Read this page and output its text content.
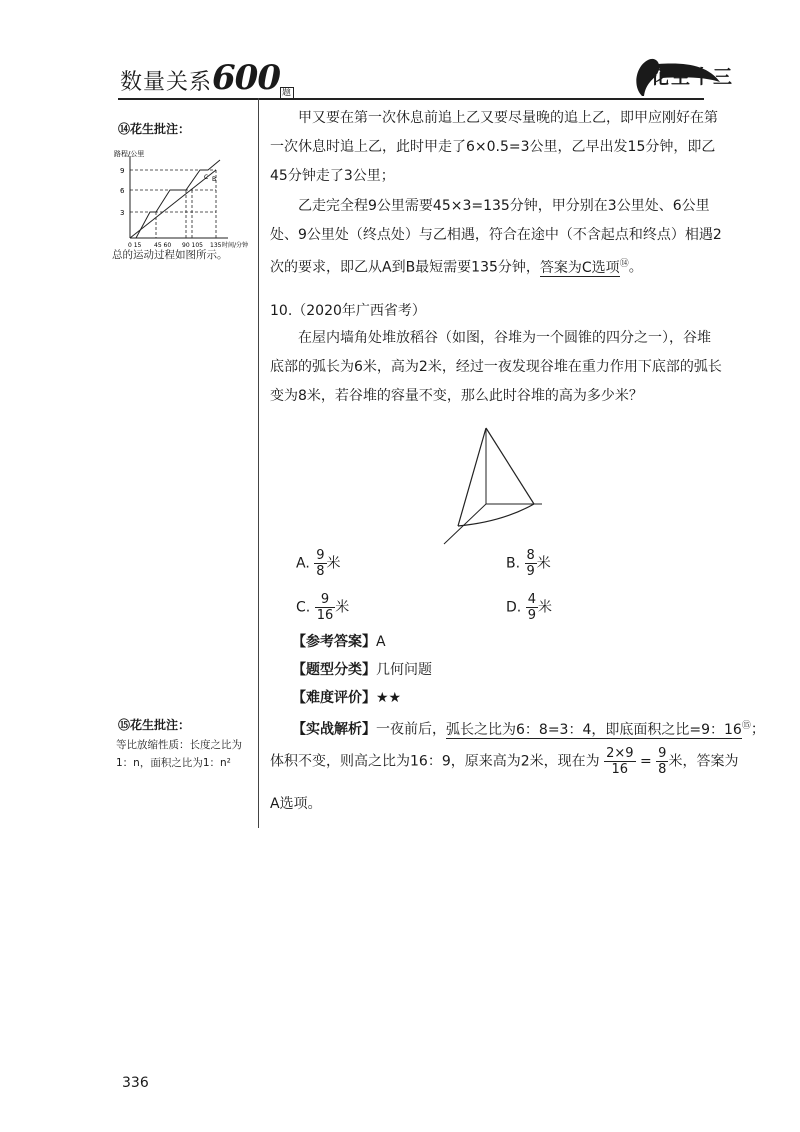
数量关系600 题
花生十三
⑭花生批注：
路程/公里
9
6
3
C B
0 15 45 60 90 105 135 时间/分钟
总的运动过程如图所示。
⑮花生批注：
等比放缩性质：长度之比为1：n，面积之比为1：n²
甲又要在第一次休息前追上乙又要尽量晚的追上乙，即甲应刚好在第一次休息时追上乙，此时甲走了6×0.5=3公里，乙早出发15分钟，即乙45分钟走了3公里；
乙走完全程9公里需要45×3=135分钟，甲分别在3公里处、6公里处、9公里处（终点处）与乙相遇，符合在途中（不含起点和终点）相遇2次的要求，即乙从A到B最短需要135分钟，答案为C选项⑭。
10.（2020年广西省考）
在屋内墙角处堆放稻谷（如图，谷堆为一个圆锥的四分之一），谷堆底部的弧长为6米，高为2米，经过一夜发现谷堆在重力作用下底部的弧长变为8米，若谷堆的容量不变，那么此时谷堆的高为多少米？
A. $\frac{9}{8}$ 米	B. $\frac{8}{9}$ 米
C. $\frac{9}{16}$ 米	D. $\frac{4}{9}$ 米
【参考答案】A
【题型分类】几何问题
【难度评价】★★
【实战解析】一夜前后，弧长之比为6：8=3：4，即底面积之比=9：16⑮；
体积不变，则高之比为16：9，原来高为2米，现在为 $\frac{2\times 9}{16} = \frac{9}{8}$ 米，答案为
A选项。
336
